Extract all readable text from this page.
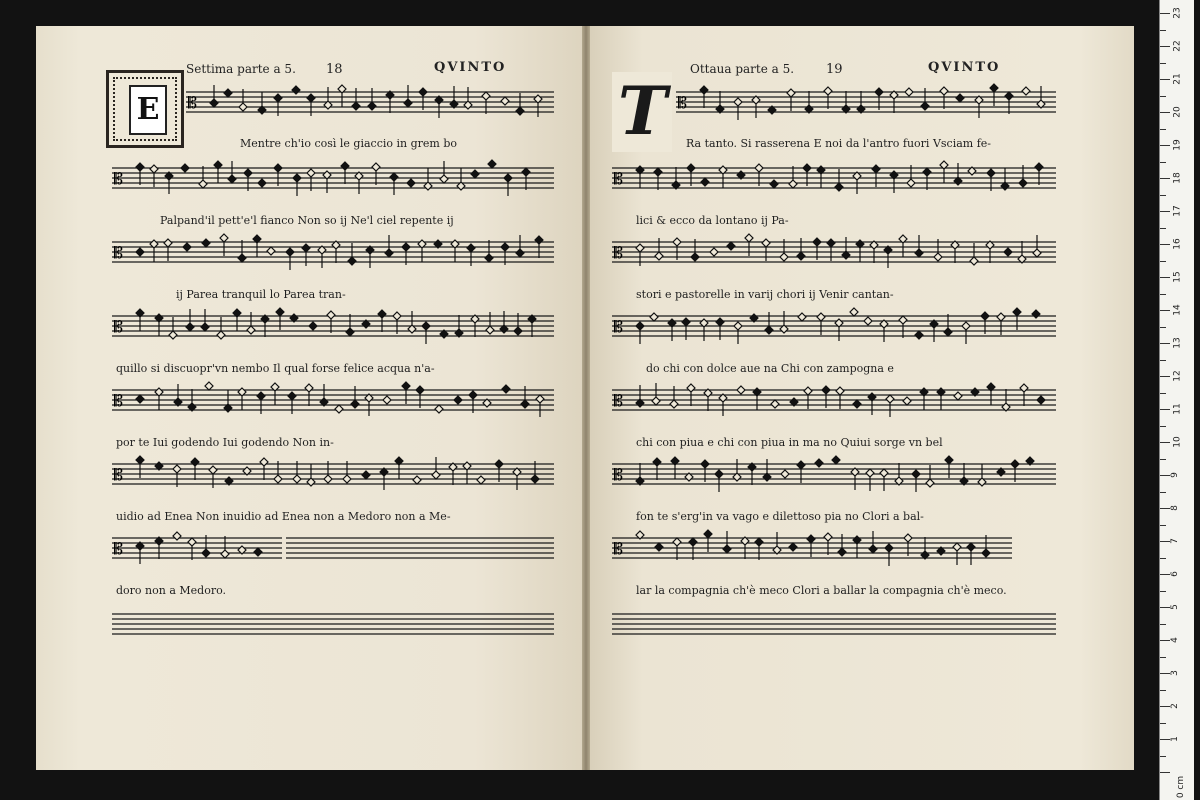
Settima parte a 5. 18	QVINTO
E
Ottaua parte a 5. 19	QVINTO
T
𝄡
𝄡
𝄡
𝄡
𝄡
𝄡
𝄡
𝄡
𝄡
𝄡
𝄡
𝄡
𝄡
𝄡
Mentre ch'io così le giaccio in grem bo
Palpand'il pett'e'l fianco Non so ij Ne'l ciel repente ij
ij Parea tranquil lo Parea tran-
quillo si discuopr'vn nembo Il qual forse felice acqua n'a-
por te Iui godendo Iui godendo Non in-
uidio ad Enea Non inuidio ad Enea non a Medoro non a Me-
doro non a Medoro.
Ra tanto. Si rasserena E noi da l'antro fuori Vsciam fe-
lici & ecco da lontano ij Pa-
stori e pastorelle in varij chori ij Venir cantan-
do chi con dolce aue na Chi con zampogna e
chi con piua e chi con piua in ma no Quiui sorge vn bel
fon te s'erg'in va vago e dilettoso pia no Clori a bal-
lar la compagnia ch'è meco Clori a ballar la compagnia ch'è meco.
0 cm
1
2
3
4
5
6
7
8
9
10
11
12
13
14
15
16
17
18
19
20
21
22
23
